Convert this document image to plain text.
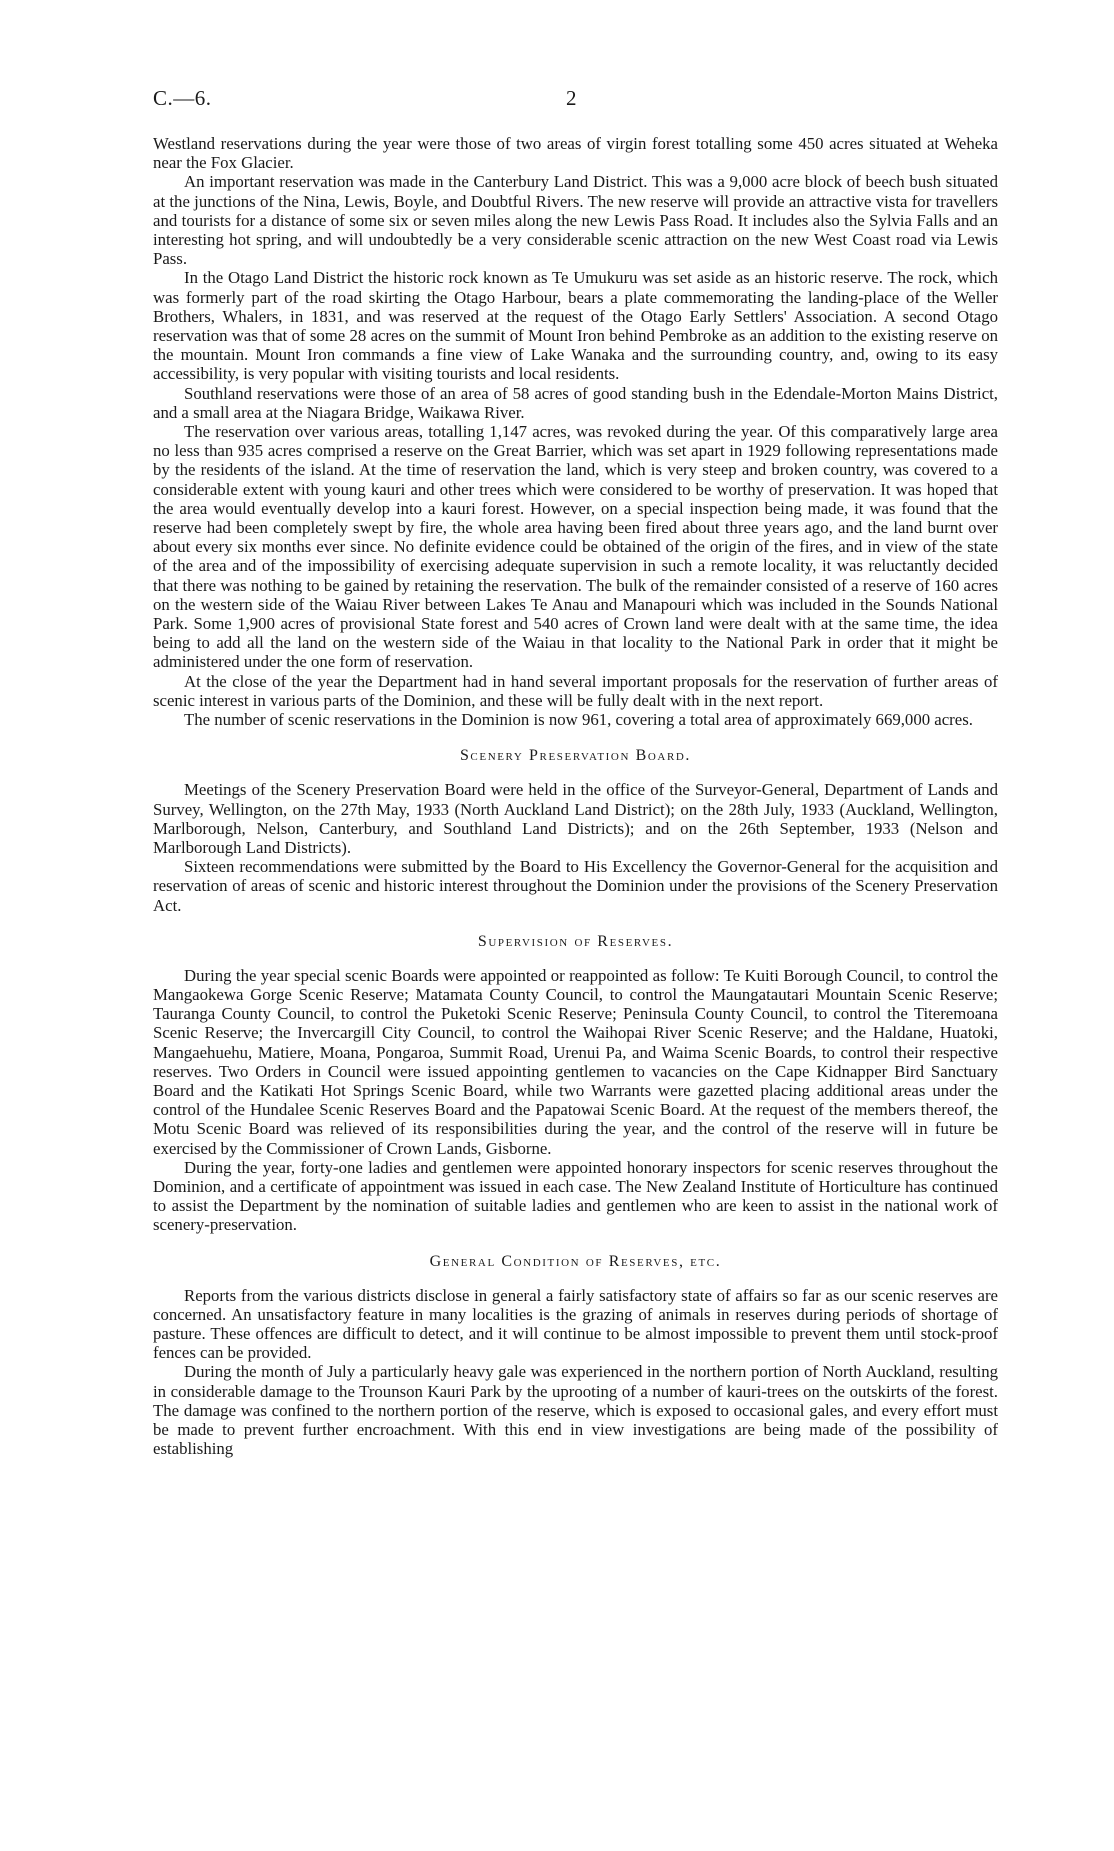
C.—6.	2

Westland reservations during the year were those of two areas of virgin forest totalling some 450 acres situated at Weheka near the Fox Glacier.

An important reservation was made in the Canterbury Land District. This was a 9,000 acre block of beech bush situated at the junctions of the Nina, Lewis, Boyle, and Doubtful Rivers. The new reserve will provide an attractive vista for travellers and tourists for a distance of some six or seven miles along the new Lewis Pass Road. It includes also the Sylvia Falls and an interesting hot spring, and will undoubtedly be a very considerable scenic attraction on the new West Coast road via Lewis Pass.

In the Otago Land District the historic rock known as Te Umukuru was set aside as an historic reserve. The rock, which was formerly part of the road skirting the Otago Harbour, bears a plate commemorating the landing-place of the Weller Brothers, Whalers, in 1831, and was reserved at the request of the Otago Early Settlers' Association. A second Otago reservation was that of some 28 acres on the summit of Mount Iron behind Pembroke as an addition to the existing reserve on the mountain. Mount Iron commands a fine view of Lake Wanaka and the surrounding country, and, owing to its easy accessibility, is very popular with visiting tourists and local residents.

Southland reservations were those of an area of 58 acres of good standing bush in the Edendale-Morton Mains District, and a small area at the Niagara Bridge, Waikawa River.

The reservation over various areas, totalling 1,147 acres, was revoked during the year. Of this comparatively large area no less than 935 acres comprised a reserve on the Great Barrier, which was set apart in 1929 following representations made by the residents of the island. At the time of reservation the land, which is very steep and broken country, was covered to a considerable extent with young kauri and other trees which were considered to be worthy of preservation. It was hoped that the area would eventually develop into a kauri forest. However, on a special inspection being made, it was found that the reserve had been completely swept by fire, the whole area having been fired about three years ago, and the land burnt over about every six months ever since. No definite evidence could be obtained of the origin of the fires, and in view of the state of the area and of the impossibility of exercising adequate supervision in such a remote locality, it was reluctantly decided that there was nothing to be gained by retaining the reservation. The bulk of the remainder consisted of a reserve of 160 acres on the western side of the Waiau River between Lakes Te Anau and Manapouri which was included in the Sounds National Park. Some 1,900 acres of provisional State forest and 540 acres of Crown land were dealt with at the same time, the idea being to add all the land on the western side of the Waiau in that locality to the National Park in order that it might be administered under the one form of reservation.

At the close of the year the Department had in hand several important proposals for the reservation of further areas of scenic interest in various parts of the Dominion, and these will be fully dealt with in the next report.

The number of scenic reservations in the Dominion is now 961, covering a total area of approximately 669,000 acres.

Scenery Preservation Board.

Meetings of the Scenery Preservation Board were held in the office of the Surveyor-General, Department of Lands and Survey, Wellington, on the 27th May, 1933 (North Auckland Land District); on the 28th July, 1933 (Auckland, Wellington, Marlborough, Nelson, Canterbury, and Southland Land Districts); and on the 26th September, 1933 (Nelson and Marlborough Land Districts).

Sixteen recommendations were submitted by the Board to His Excellency the Governor-General for the acquisition and reservation of areas of scenic and historic interest throughout the Dominion under the provisions of the Scenery Preservation Act.

Supervision of Reserves.

During the year special scenic Boards were appointed or reappointed as follow: Te Kuiti Borough Council, to control the Mangaokewa Gorge Scenic Reserve; Matamata County Council, to control the Maungatautari Mountain Scenic Reserve; Tauranga County Council, to control the Puketoki Scenic Reserve; Peninsula County Council, to control the Titeremoana Scenic Reserve; the Invercargill City Council, to control the Waihopai River Scenic Reserve; and the Haldane, Huatoki, Mangaehuehu, Matiere, Moana, Pongaroa, Summit Road, Urenui Pa, and Waima Scenic Boards, to control their respective reserves. Two Orders in Council were issued appointing gentlemen to vacancies on the Cape Kidnapper Bird Sanctuary Board and the Katikati Hot Springs Scenic Board, while two Warrants were gazetted placing additional areas under the control of the Hundalee Scenic Reserves Board and the Papatowai Scenic Board. At the request of the members thereof, the Motu Scenic Board was relieved of its responsibilities during the year, and the control of the reserve will in future be exercised by the Commissioner of Crown Lands, Gisborne.

During the year, forty-one ladies and gentlemen were appointed honorary inspectors for scenic reserves throughout the Dominion, and a certificate of appointment was issued in each case. The New Zealand Institute of Horticulture has continued to assist the Department by the nomination of suitable ladies and gentlemen who are keen to assist in the national work of scenery-preservation.

General Condition of Reserves, etc.

Reports from the various districts disclose in general a fairly satisfactory state of affairs so far as our scenic reserves are concerned. An unsatisfactory feature in many localities is the grazing of animals in reserves during periods of shortage of pasture. These offences are difficult to detect, and it will continue to be almost impossible to prevent them until stock-proof fences can be provided.

During the month of July a particularly heavy gale was experienced in the northern portion of North Auckland, resulting in considerable damage to the Trounson Kauri Park by the uprooting of a number of kauri-trees on the outskirts of the forest. The damage was confined to the northern portion of the reserve, which is exposed to occasional gales, and every effort must be made to prevent further encroachment. With this end in view investigations are being made of the possibility of establishing
